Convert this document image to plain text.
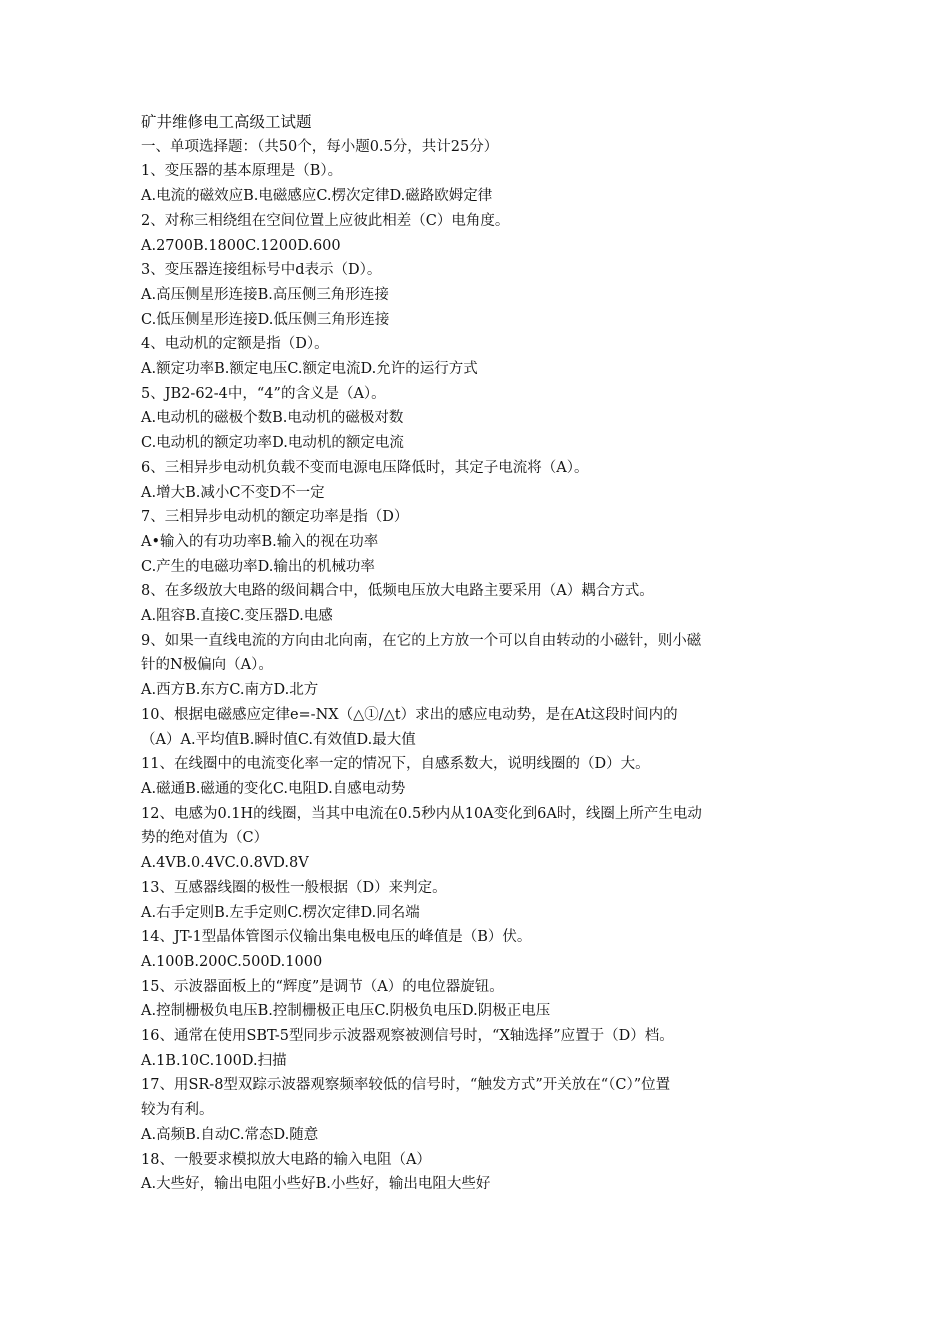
矿井维修电工高级工试题
一、单项选择题：（共50个，每小题0.5分，共计25分）
1、变压器的基本原理是（B）。
A.电流的磁效应B.电磁感应C.楞次定律D.磁路欧姆定律
2、对称三相绕组在空间位置上应彼此相差（C）电角度。
A.2700B.1800C.1200D.600
3、变压器连接组标号中d表示（D）。
A.高压侧星形连接B.高压侧三角形连接
C.低压侧星形连接D.低压侧三角形连接
4、电动机的定额是指（D）。
A.额定功率B.额定电压C.额定电流D.允许的运行方式
5、JB2-62-4中，“4”的含义是（A）。
A.电动机的磁极个数B.电动机的磁极对数
C.电动机的额定功率D.电动机的额定电流
6、三相异步电动机负载不变而电源电压降低时，其定子电流将（A）。
A.增大B.减小C不变D不一定
7、三相异步电动机的额定功率是指（D）
A•输入的有功功率B.输入的视在功率
C.产生的电磁功率D.输出的机械功率
8、在多级放大电路的级间耦合中，低频电压放大电路主要采用（A）耦合方式。
A.阻容B.直接C.变压器D.电感
9、如果一直线电流的方向由北向南，在它的上方放一个可以自由转动的小磁针，则小磁
针的N极偏向（A）。
A.西方B.东方C.南方D.北方
10、根据电磁感应定律e=-NX（△①/△t）求出的感应电动势，是在At这段时间内的
（A）A.平均值B.瞬时值C.有效值D.最大值
11、在线圈中的电流变化率一定的情况下，自感系数大，说明线圈的（D）大。
A.磁通B.磁通的变化C.电阻D.自感电动势
12、电感为0.1H的线圈，当其中电流在0.5秒内从10A变化到6A时，线圈上所产生电动
势的绝对值为（C）
A.4VB.0.4VC.0.8VD.8V
13、互感器线圈的极性一般根据（D）来判定。
A.右手定则B.左手定则C.楞次定律D.同名端
14、JT-1型晶体管图示仪输出集电极电压的峰值是（B）伏。
A.100B.200C.500D.1000
15、示波器面板上的“辉度”是调节（A）的电位器旋钮。
A.控制栅极负电压B.控制栅极正电压C.阴极负电压D.阴极正电压
16、通常在使用SBT-5型同步示波器观察被测信号时，“X轴选择”应置于（D）档。
A.1B.10C.100D.扫描
17、用SR-8型双踪示波器观察频率较低的信号时，“触发方式”开关放在“（C）”位置
较为有利。
A.高频B.自动C.常态D.随意
18、一般要求模拟放大电路的输入电阻（A）
A.大些好，输出电阻小些好B.小些好，输出电阻大些好
